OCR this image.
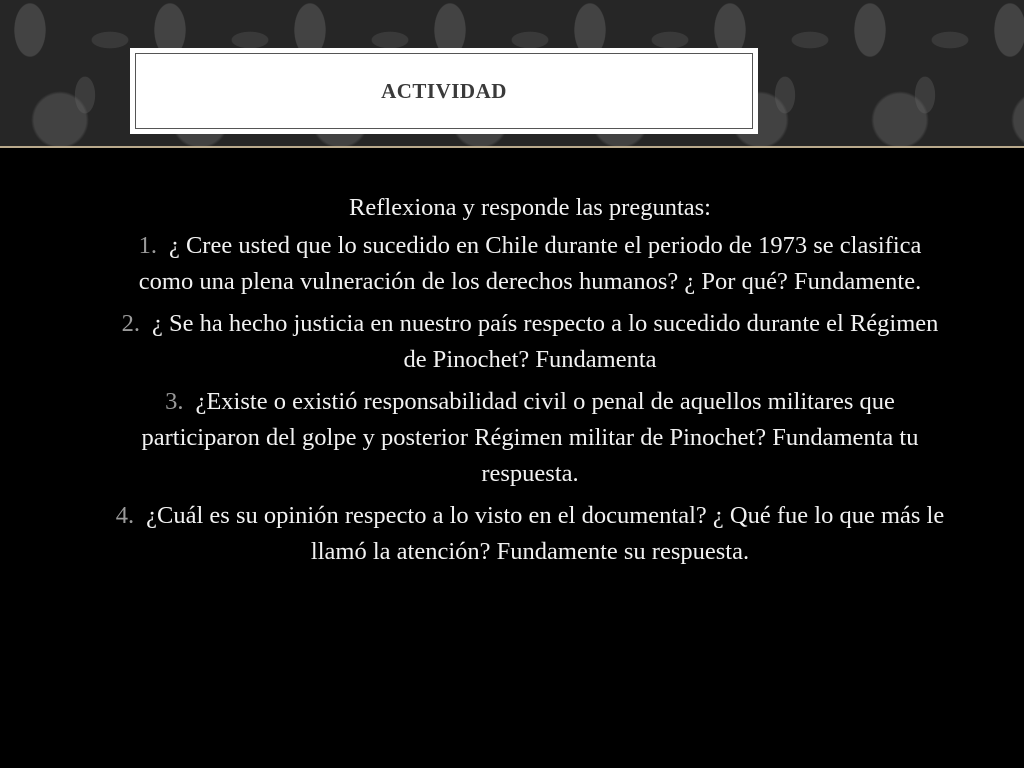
ACTIVIDAD
Reflexiona y responde las preguntas:
1. ¿ Cree usted que lo sucedido en Chile durante el periodo de 1973 se clasifica como una plena vulneración de los derechos humanos? ¿ Por qué? Fundamente.
2. ¿ Se ha hecho justicia en nuestro país respecto a lo sucedido durante el Régimen de Pinochet? Fundamenta
3. ¿Existe o existió responsabilidad civil o penal de aquellos militares que participaron del golpe y posterior Régimen militar de Pinochet? Fundamenta tu respuesta.
4. ¿Cuál es su opinión respecto a lo visto en el documental? ¿ Qué fue lo que más le llamó la atención? Fundamente su respuesta.
